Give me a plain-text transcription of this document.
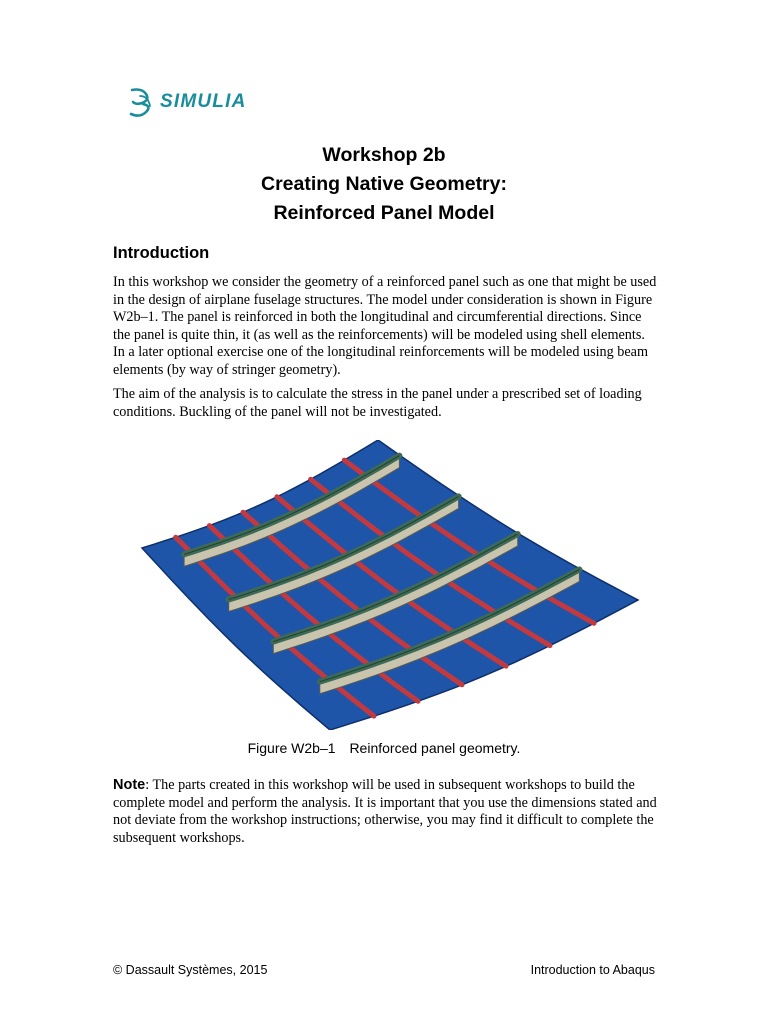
SIMULIA
Workshop 2b
Creating Native Geometry:
Reinforced Panel Model
Introduction

In this workshop we consider the geometry of a reinforced panel such as one that might be used in the design of airplane fuselage structures. The model under consideration is shown in Figure W2b–1. The panel is reinforced in both the longitudinal and circumferential directions. Since the panel is quite thin, it (as well as the reinforcements) will be modeled using shell elements. In a later optional exercise one of the longitudinal reinforcements will be modeled using beam elements (by way of stringer geometry).

The aim of the analysis is to calculate the stress in the panel under a prescribed set of loading conditions. Buckling of the panel will not be investigated.

Figure W2b–1 Reinforced panel geometry.

Note: The parts created in this workshop will be used in subsequent workshops to build the complete model and perform the analysis. It is important that you use the dimensions stated and not deviate from the workshop instructions; otherwise, you may find it difficult to complete the subsequent workshops.

© Dassault Systèmes, 2015	Introduction to Abaqus
